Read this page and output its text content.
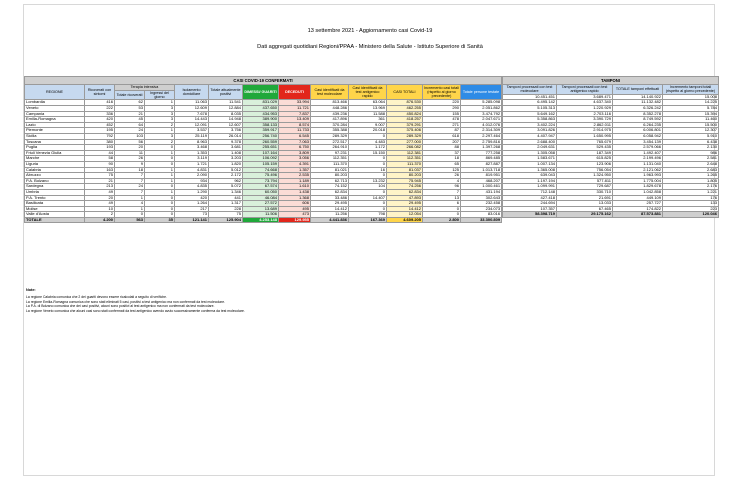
13 settembre 2021 - Aggiornamento casi Covid-19
Dati aggregati quotidiani Regioni/PPAA - Ministero della Salute - Istituto Superiore di Sanità
CASI COVID-19 CONFERMATI												
REGIONE	Ricoverati con sintomi	Terapia intensiva		Isolamento domiciliare	Totale attualmente positivi	DIMESSI/ GUARITI	DECEDUTI	Casi identificati da test molecolare	Casi identificati da test antigenico rapido	CASI TOTALI	Incremento casi totali (rispetto al giorno precedente)	Totale persone testate
		Totale ricoverati	Ingressi del giorno									
Lombardia	416	62	1	11.063	11.541	831.029	33.994	813.466	63.064	876.530	220	5.285.098
Veneto	222	53	3	12.609	12.884	437.650	11.721	448.286	13.969	462.255	290	2.051.862
Campania	336	21	3	7.678	8.035	434.953	7.837	439.236	11.588	450.824	155	3.474.792
Emilia-Romagna	420	45	3	14.443	14.948	389.900	13.409	417.896	361	418.257	478	2.047.671
Lazio	452	64	2	12.091	12.607	358.133	8.574	370.284	9.007	379.291	271	4.012.076
Piemonte	195	24	1	3.537	3.756	359.917	11.733	355.388	20.018	375.406	87	2.314.309
Sicilia	792	103	3	25.119	26.014	256.740	6.545	289.329	0	289.329	618	2.297.464
Toscana	380	56	2	8.963	9.378	260.559	7.063	272.517	4.483	277.000	207	2.759.816
Puglia	193	20	0	3.468	3.681	255.651	6.750	264.910	1.172	266.082	88	1.397.268
Friuli Venezia Giulia	44	11	1	1.353	1.408	107.164	3.809	97.231	15.150	112.381	37	777.258
Marche	58	26	0	3.119	3.203	106.092	3.056	112.351	0	112.351	18	869.485
Liguria	90	9	0	1.721	1.820	105.159	4.391	111.370	0	111.370	65	827.887
Calabria	163	18	1	4.831	5.012	74.668	1.357	81.021	16	81.037	125	1.013.718
Abruzzo	75	7	1	2.090	2.172	75.496	2.535	80.203	0	80.203	26	819.951
P.A. Bolzano	21	7	1	934	962	73.794	1.189	62.713	13.232	75.945	4	468.207
Sardegna	213	24	0	4.835	5.072	67.574	1.610	74.152	104	74.256	96	1.000.461
Umbria	49	7	1	1.290	1.346	60.050	1.438	62.834	0	62.834	7	431.194
P.A. Trento	20	1	0	420	441	46.084	1.368	33.486	14.407	47.893	13	302.643
Basilicata	49	4	0	1.264	1.317	27.572	606	29.495	0	29.495	6	232.458
Molise	10	1	0	217	228	13.689	495	14.412	0	14.412	0	234.073
Valle d'Aosta	2	0	0	73	75	11.506	473	11.256	798	12.054	0	83.016
TOTALE	4.200	563	35	121.141	125.904	4.253.148	129.955	4.441.836	167.369	4.609.205	2.800	33.300.809
TAMPONI			
Tamponi processati con test molecolare	Tamponi processati con test antigenico rapido	TOTALE tamponi effettuati	Incremento tamponi totali (rispetto al giorno precedente)
10.451.451	3.689.471	14.140.922	15.008
6.495.142	4.637.340	11.132.482	14.225
5.105.313	1.220.929	6.326.242	5.784
5.649.162	2.703.116	8.352.278	15.394
5.358.863	3.390.729	8.749.592	11.460
3.402.224	2.862.011	6.264.235	15.500
3.091.826	2.914.975	6.006.801	12.307
4.407.947	1.650.995	6.058.942	5.910
2.688.400	765.679	3.454.139	6.438
2.049.631	529.435	2.579.066	2.130
1.305.058	187.349	1.492.407	986
1.583.671	615.825	2.199.496	2.581
1.007.134	123.906	1.131.040	2.648
1.365.008	756.054	2.121.062	2.683
639.043	1.324.950	1.963.993	1.265
1.197.194	577.811	1.775.004	1.805
1.099.991	729.687	1.829.678	2.176
712.148	330.710	1.042.858	1.221
427.418	21.691	449.109	176
244.694	13.033	257.727	133
107.357	67.465	174.822	223
58.398.719	29.175.162	87.573.881	120.046
Note:
La regione Calabria comunica che 2 dei guariti devono essere ricalcolati a seguito di verifiche.
La regione Emilia-Romagna comunica che sono stati eliminati 5 casi, positivi a test antigenico ma non confermati da test molecolare.
La P.A. di Bolzano comunica che dei casi positivi, alcuni sono positivi al test antigenico ma non confermati da test molecolare.
La regione Veneto comunica che alcuni casi sono stati confermati da test antigenico avendo avuto successivamente conferma da test molecolare.
